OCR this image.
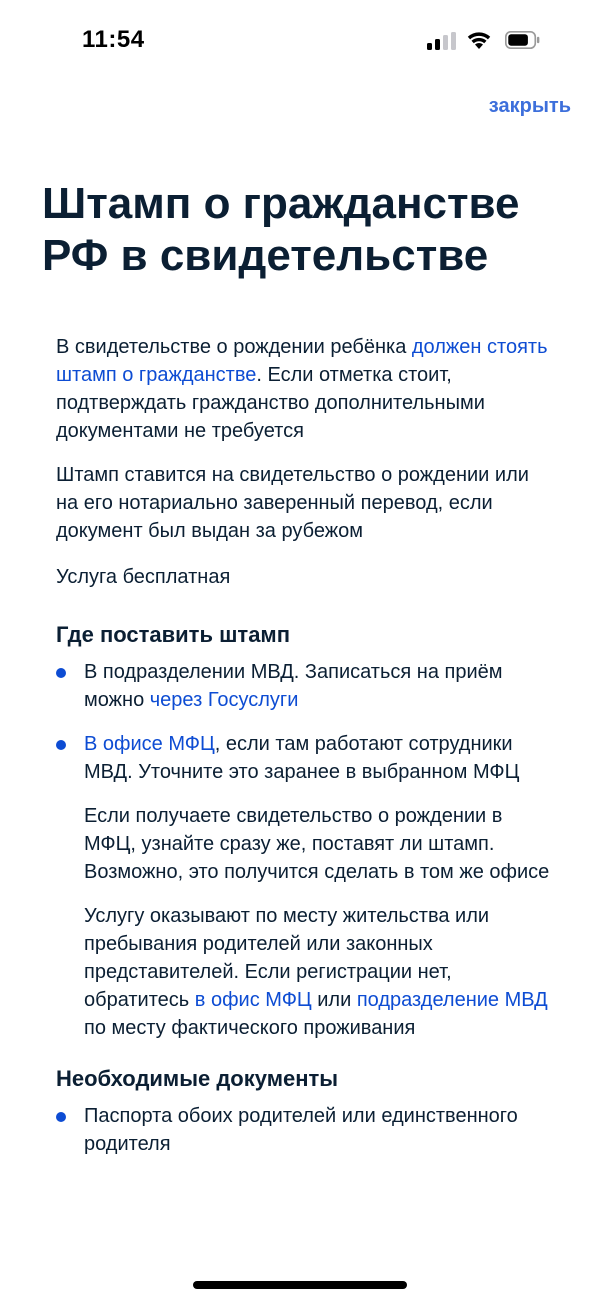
11:54
закрыть
Штамп о гражданстве РФ в свидетельстве

В свидетельстве о рождении ребёнка должен стоять штамп о гражданстве. Если отметка стоит, подтверждать гражданство дополнительными документами не требуется

Штамп ставится на свидетельство о рождении или на его нотариально заверенный перевод, если документ был выдан за рубежом

Услуга бесплатная

Где поставить штамп
В подразделении МВД. Записаться на приём можно через Госуслуги
В офисе МФЦ, если там работают сотрудники МВД. Уточните это заранее в выбранном МФЦ
Если получаете свидетельство о рождении в МФЦ, узнайте сразу же, поставят ли штамп. Возможно, это получится сделать в том же офисе
Услугу оказывают по месту жительства или пребывания родителей или законных представителей. Если регистрации нет, обратитесь в офис МФЦ или подразделение МВД по месту фактического проживания
Необходимые документы
Паспорта обоих родителей или единственного родителя
